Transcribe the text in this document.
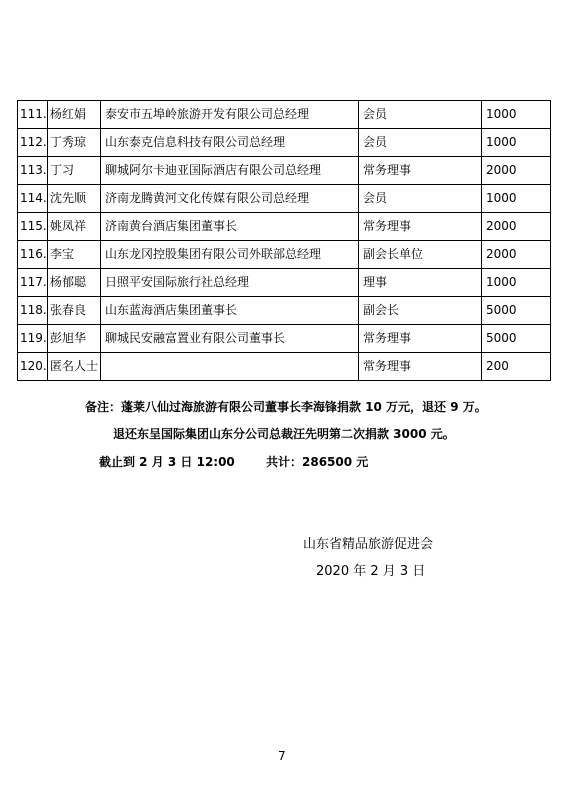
111.	杨红娟	泰安市五埠岭旅游开发有限公司总经理	会员	1000
112.	丁秀琼	山东泰克信息科技有限公司总经理	会员	1000
113.	丁习	聊城阿尔卡迪亚国际酒店有限公司总经理	常务理事	2000
114.	沈先顺	济南龙腾黄河文化传媒有限公司总经理	会员	1000
115.	姚凤祥	济南黄台酒店集团董事长	常务理事	2000
116.	李宝	山东龙冈控股集团有限公司外联部总经理	副会长单位	2000
117.	杨郁聪	日照平安国际旅行社总经理	理事	1000
118.	张春良	山东蓝海酒店集团董事长	副会长	5000
119.	彭旭华	聊城民安融富置业有限公司董事长	常务理事	5000
120.	匿名人士		常务理事	200
备注：蓬莱八仙过海旅游有限公司董事长李海锋捐款 10 万元，退还 9 万。
退还东呈国际集团山东分公司总裁汪先明第二次捐款 3000 元。
截止到 2 月 3 日 12:00	共计：286500 元
山东省精品旅游促进会
2020 年 2 月 3 日
7
